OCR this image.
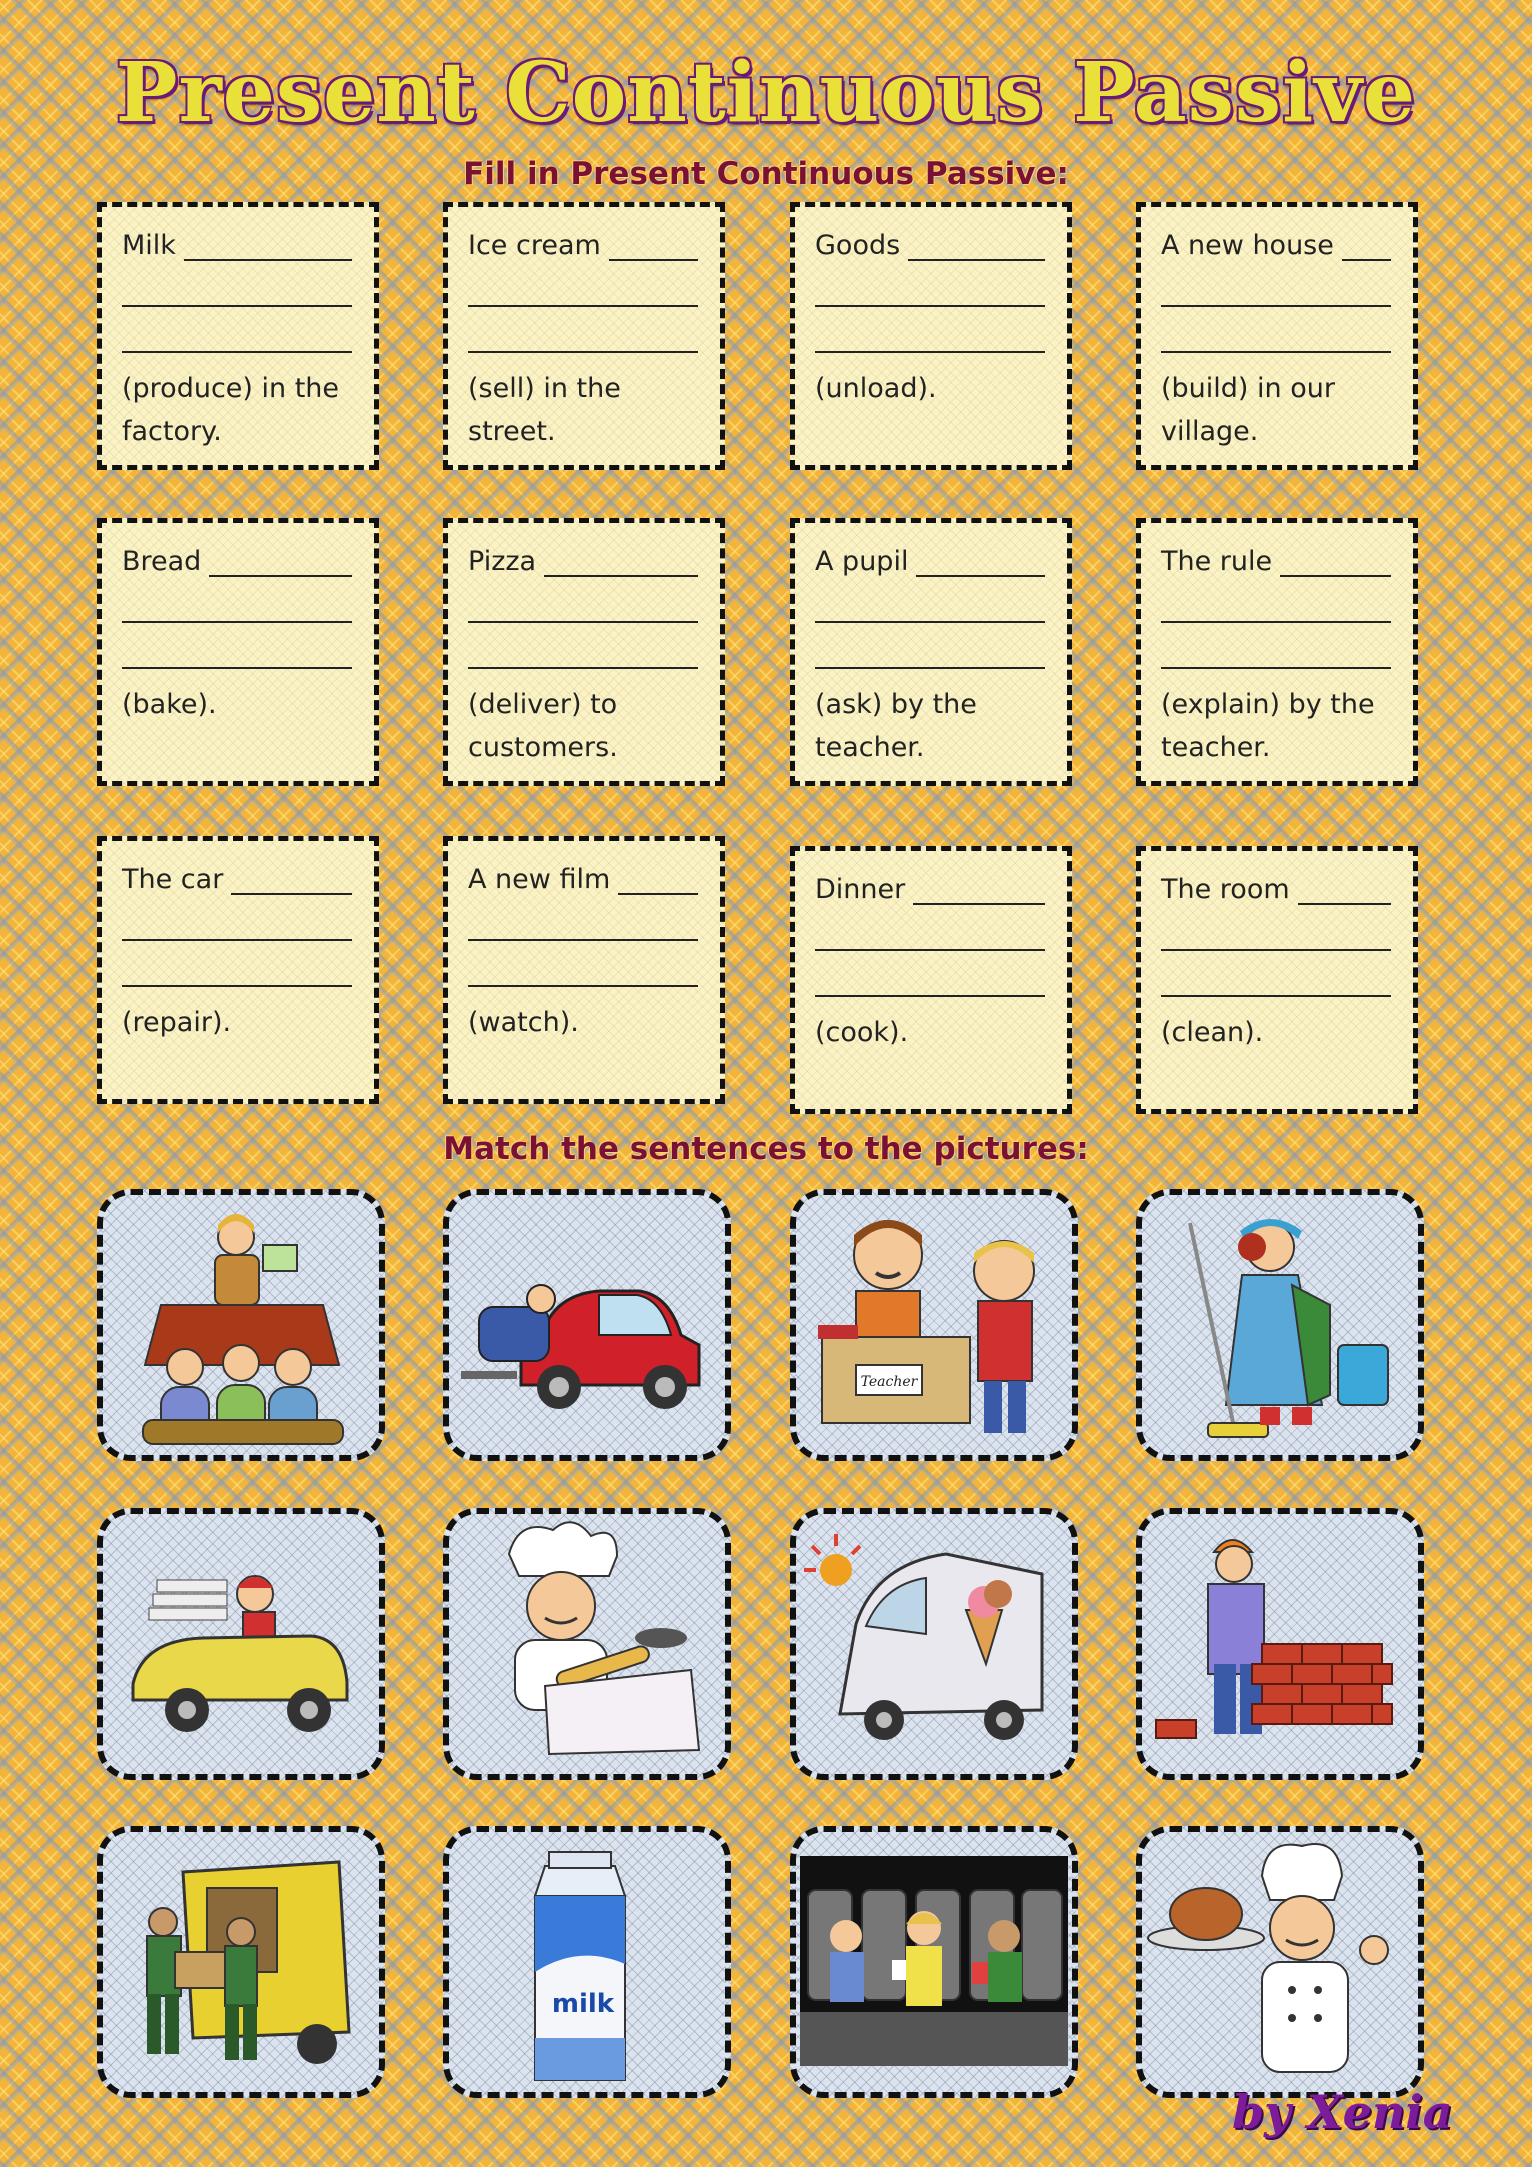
Present Continuous Passive
Fill in Present Continuous Passive:
Milk
(produce) in the
factory.
Ice cream
(sell) in the
street.
Goods
(unload).
A new house
(build) in our
village.
Bread
(bake).
Pizza
(deliver) to
customers.
A pupil
(ask) by the
teacher.
The rule
(explain) by the
teacher.
The car
(repair).
A new film
(watch).
Dinner
(cook).
The room
(clean).
Match the sentences to the pictures:
Teacher
milk
by Xenia
